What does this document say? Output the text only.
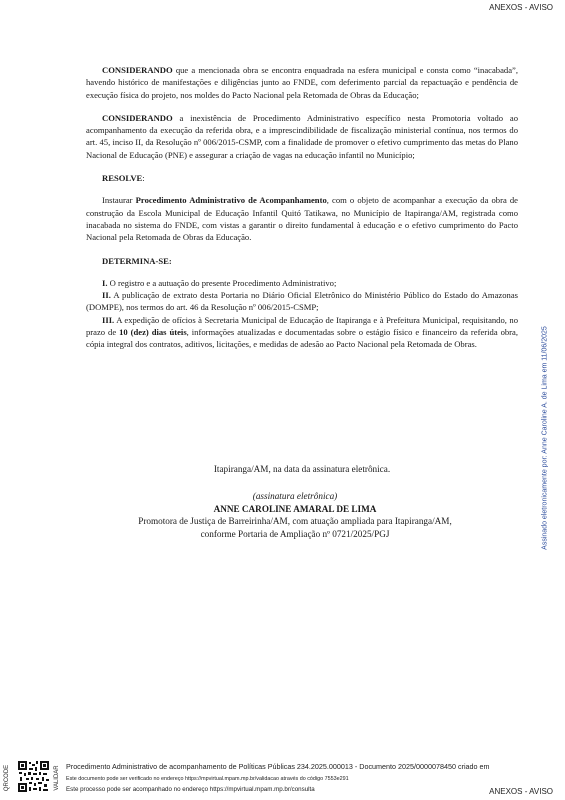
ANEXOS - AVISO

CONSIDERANDO que a mencionada obra se encontra enquadrada na esfera municipal e consta como “inacabada”, havendo histórico de manifestações e diligências junto ao FNDE, com deferimento parcial da repactuação e pendência de execução física do projeto, nos moldes do Pacto Nacional pela Retomada de Obras da Educação;

CONSIDERANDO a inexistência de Procedimento Administrativo específico nesta Promotoria voltado ao acompanhamento da execução da referida obra, e a imprescindibilidade de fiscalização ministerial contínua, nos termos do art. 45, inciso II, da Resolução nº 006/2015-CSMP, com a finalidade de promover o efetivo cumprimento das metas do Plano Nacional de Educação (PNE) e assegurar a criação de vagas na educação infantil no Município;

RESOLVE:

Instaurar Procedimento Administrativo de Acompanhamento, com o objeto de acompanhar a execução da obra de construção da Escola Municipal de Educação Infantil Quitó Tatikawa, no Município de Itapiranga/AM, registrada como inacabada no sistema do FNDE, com vistas a garantir o direito fundamental à educação e o efetivo cumprimento do Pacto Nacional pela Retomada de Obras da Educação.

DETERMINA-SE:

I. O registro e a autuação do presente Procedimento Administrativo;

II. A publicação de extrato desta Portaria no Diário Oficial Eletrônico do Ministério Público do Estado do Amazonas (DOMPE), nos termos do art. 46 da Resolução nº 006/2015-CSMP;

III. A expedição de ofícios à Secretaria Municipal de Educação de Itapiranga e à Prefeitura Municipal, requisitando, no prazo de 10 (dez) dias úteis, informações atualizadas e documentadas sobre o estágio físico e financeiro da referida obra, cópia integral dos contratos, aditivos, licitações, e medidas de adesão ao Pacto Nacional pela Retomada de Obras.

Itapiranga/AM, na data da assinatura eletrônica.
(assinatura eletrônica)
ANNE CAROLINE AMARAL DE LIMA
Promotora de Justiça de Barreirinha/AM, com atuação ampliada para Itapiranga/AM,
conforme Portaria de Ampliação nº 0721/2025/PGJ	Assinado eletronicamente por: Anne Caroline A. de Lima em 11/06/2025
QRCODE	VALIDAR Procedimento Administrativo de acompanhamento de Políticas Públicas 234.2025.000013 - Documento 2025/0000078450 criado em
Este documento pode ser verificado no endereço https://mpvirtual.mpam.mp.br/validacao através do código 7553e291
Este processo pode ser acompanhado no endereço https://mpvirtual.mpam.mp.br/consulta	ANEXOS - AVISO
